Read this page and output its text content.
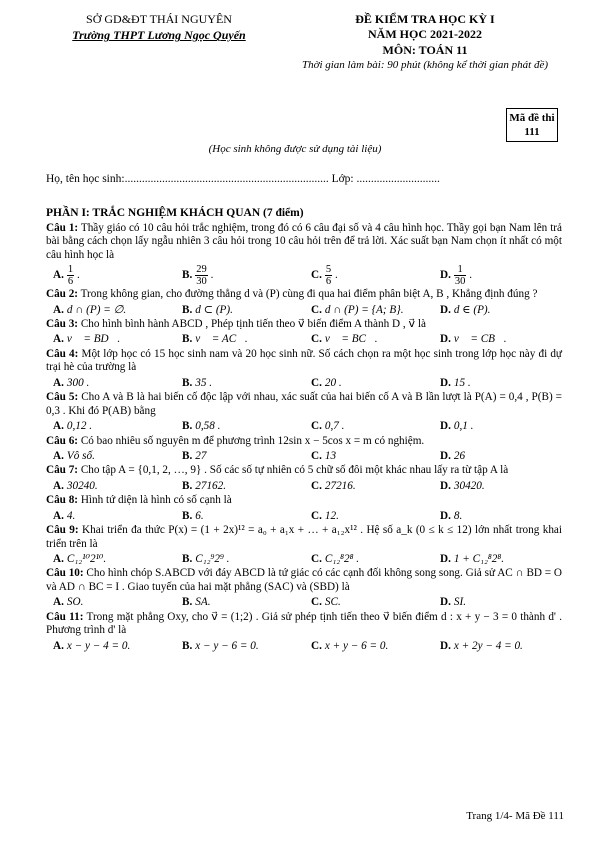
SỞ GD&ĐT THÁI NGUYÊN
Trường THPT Lương Ngọc Quyến
ĐỀ KIỂM TRA HỌC KỲ I
NĂM HỌC 2021-2022
MÔN: TOÁN 11
Thời gian làm bài: 90 phút (không kể thời gian phát đề)
Mã đề thi
111
(Học sinh không được sử dụng tài liệu)
Họ, tên học sinh:....................................................................... Lớp: .............................
PHẦN I: TRẮC NGHIỆM KHÁCH QUAN (7 điểm)
Câu 1: Thầy giáo có 10 câu hỏi trắc nghiệm, trong đó có 6 câu đại số và 4 câu hình học. Thầy gọi bạn Nam lên trả bài bằng cách chọn lấy ngẫu nhiên 3 câu hỏi trong 10 câu hỏi trên để trả lời. Xác suất bạn Nam chọn ít nhất có một câu hình học là
A. $\frac{1}{6}$ .	B. $\frac{29}{30}$ .	C. $\frac{5}{6}$ .	D. $\frac{1}{30}$ .
Câu 2: Trong không gian, cho đường thẳng d và (P) cùng đi qua hai điểm phân biệt A, B , Khẳng định đúng ?
A. d ∩ (P) = ∅.	B. d ⊂ (P).	C. d ∩ (P) = {A; B}.	D. d ∈ (P).
Câu 3: Cho hình bình hành ABCD , Phép tịnh tiến theo v⃗ biến điểm A thành D , v⃗ là
A. v⃗ = BD⃗.	B. v⃗ = AC⃗.	C. v⃗ = BC⃗.	D. v⃗ = CB⃗.
Câu 4: Một lớp học có 15 học sinh nam và 20 học sinh nữ. Số cách chọn ra một học sinh trong lớp học này đi dự trại hè của trường là
A. 300 .	B. 35 .	C. 20 .	D. 15 .
Câu 5: Cho A và B là hai biến cố độc lập với nhau, xác suất của hai biến cố A và B lần lượt là P(A) = 0,4 , P(B) = 0,3 . Khi đó P(AB) bằng
A. 0,12 .	B. 0,58 .	C. 0,7 .	D. 0,1 .
Câu 6: Có bao nhiêu số nguyên m để phương trình 12sin x − 5cos x = m có nghiệm.
A. Vô số.	B. 27	C. 13	D. 26
Câu 7: Cho tập A = {0,1, 2, …, 9} . Số các số tự nhiên có 5 chữ số đôi một khác nhau lấy ra từ tập A là
A. 30240.	B. 27162.	C. 27216.	D. 30420.
Câu 8: Hình tứ diện là hình có số cạnh là
A. 4.	B. 6.	C. 12.	D. 8.
Câu 9: Khai triển đa thức P(x) = (1 + 2x)¹² = a₀ + a₁x + … + a₁₂x¹² . Hệ số a_k (0 ≤ k ≤ 12) lớn nhất trong khai triển trên là
A. C₁₂¹⁰2¹⁰.	B. C₁₂⁹2⁹ .	C. C₁₂⁸2⁸ .	D. 1 + C₁₂⁸2⁸.
Câu 10: Cho hình chóp S.ABCD với đáy ABCD là tứ giác có các cạnh đối không song song. Giả sử AC ∩ BD = O và AD ∩ BC = I . Giao tuyến của hai mặt phẳng (SAC) và (SBD) là
A. SO.	B. SA.	C. SC.	D. SI.
Câu 11: Trong mặt phẳng Oxy, cho v⃗ = (1;2) . Giả sử phép tịnh tiến theo v⃗ biến điểm d : x + y − 3 = 0 thành d' . Phương trình d' là
A. x − y − 4 = 0.	B. x − y − 6 = 0.	C. x + y − 6 = 0.	D. x + 2y − 4 = 0.
Trang 1/4- Mã Đề 111
